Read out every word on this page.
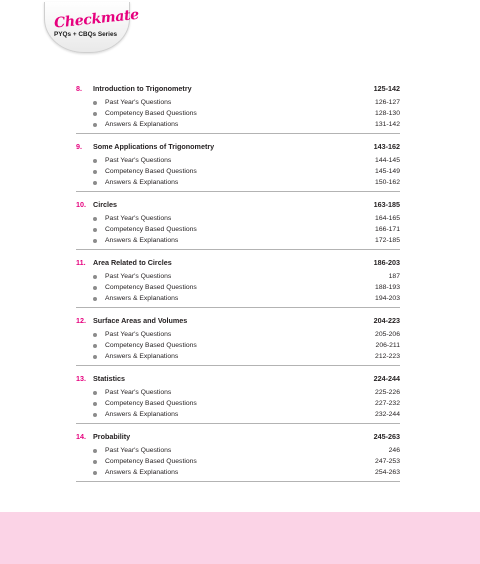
Checkmate
PYQs + CBQs Series
8.	Introduction to Trigonometry	125-142
Past Year's Questions	126-127
Competency Based Questions	128-130
Answers & Explanations	131-142
9.	Some Applications of Trigonometry	143-162
Past Year's Questions	144-145
Competency Based Questions	145-149
Answers & Explanations	150-162
10. Circles	163-185
Past Year's Questions	164-165
Competency Based Questions	166-171
Answers & Explanations	172-185
11.	Area Related to Circles	186-203
Past Year's Questions	187
Competency Based Questions	188-193
Answers & Explanations	194-203
12. Surface Areas and Volumes	204-223
Past Year's Questions	205-206
Competency Based Questions	206-211
Answers & Explanations	212-223
13. Statistics	224-244
Past Year's Questions	225-226
Competency Based Questions	227-232
Answers & Explanations	232-244
14. Probability	245-263
Past Year's Questions	246
Competency Based Questions	247-253
Answers & Explanations	254-263
